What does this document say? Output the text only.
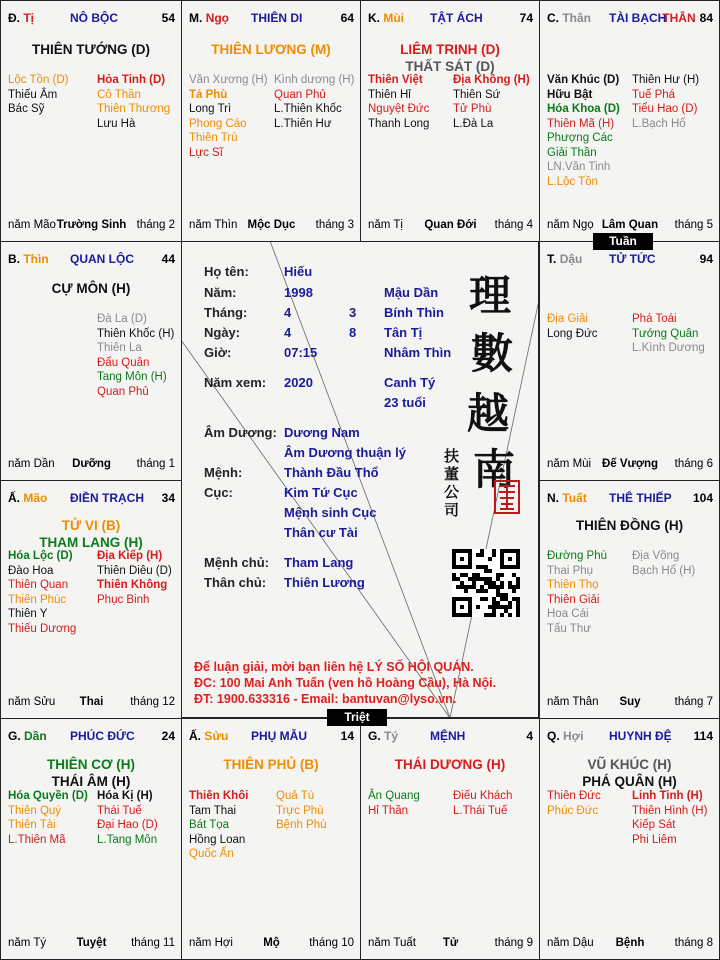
Đ. Tị	NÔ BỘC	54
THIÊN TƯỚNG (D)
Lộc Tồn (D)
Thiếu Âm
Bác Sỹ
Hỏa Tinh (D)
Cô Thần
Thiên Thương
Lưu Hà
năm Mão Trường Sinh tháng 2
M. Ngọ THIÊN DI	64
THIÊN LƯƠNG (M)
Văn Xương (H)
Tả Phù
Long Trì
Phong Cáo
Thiên Trù
Lực Sĩ
Kình dương (H)
Quan Phủ
L.Thiên Khốc
L.Thiên Hư
năm Thìn Mộc Dục	tháng 3
K. Mùi TẬT ÁCH	74
LIÊM TRINH (D)
THẤT SÁT (D)
Thiên Việt
Thiên Hỉ
Nguyệt Đức
Thanh Long
Địa Không (H)
Thiên Sứ
Tử Phù
L.Đà La
năm Tị	Quan Đới	tháng 4
C. Thân TÀI BẠCH
THÂN 84
Văn Khúc (D)
Hữu Bật
Hóa Khoa (D)
Thiên Mã (H)
Phượng Các
Giải Thần
LN.Văn Tinh
L.Lộc Tồn
Thiên Hư (H)
Tuế Phá
Tiểu Hao (D)
L.Bạch Hổ
năm Ngọ Lâm Quan	tháng 5
B. Thìn QUAN LỘC 44
CỰ MÔN (H)
Đà La (D)
Thiên Khốc (H)
Thiên La
Đẩu Quân
Tang Môn (H)
Quan Phủ
năm Dần	Dưỡng	tháng 1
T. Dậu TỬ TỨC	94
Địa Giải
Long Đức
Phá Toái
Tướng Quân
L.Kình Dương
năm Mùi Đế Vượng	tháng 6
Ấ. Mão ĐIỀN TRẠCH 34
TỬ VI (B)
THAM LANG (H)
Hóa Lộc (D)
Đào Hoa
Thiên Quan
Thiên Phúc
Thiên Y
Thiếu Dương
Địa Kiếp (H)
Thiên Diêu (D)
Thiên Không
Phục Binh
năm Sửu	Thai	tháng 12
N. Tuất THÊ THIẾP 104
THIÊN ĐỒNG (H)
Đường Phù
Thai Phụ
Thiên Thọ
Thiên Giải
Hoa Cái
Tấu Thư
Địa Võng
Bạch Hổ (H)
năm Thân	Suy	tháng 7
G. Dần PHÚC ĐỨC 24
THIÊN CƠ (H)
THÁI ÂM (H)
Hóa Quyền (D)
Thiên Quý
Thiên Tài
L.Thiên Mã
Hóa Kị (H)
Thái Tuế
Đại Hao (D)
L.Tang Môn
năm Tý	Tuyệt	tháng 11
Ấ. Sửu PHỤ MẪU	14
THIÊN PHỦ (B)
Thiên Khôi
Tam Thai
Bát Tọa
Hồng Loan
Quốc Ấn
Quả Tú
Trực Phù
Bệnh Phù
năm Hợi	Mộ	tháng 10
G. Tý	MỆNH	4
THÁI DƯƠNG (H)
Ân Quang
Hỉ Thần
Điếu Khách
L.Thái Tuế
năm Tuất	Tử	tháng 9
Q. Hợi HUYNH ĐỆ 114
VŨ KHÚC (H)
PHÁ QUÂN (H)
Thiên Đức
Phúc Đức
Linh Tinh (H)
Thiên Hình (H)
Kiếp Sát
Phi Liêm
năm Dậu	Bệnh	tháng 8
Họ tên:	Hiếu
Năm:	1998	Mậu Dần
Tháng:	4	3 Bính Thìn
Ngày:	4	8 Tân Tị
Giờ:	07:15	Nhâm Thìn
Năm xem: 2020	Canh Tý
23 tuổi
Âm Dương: Dương Nam
Âm Dương thuận lý
Mệnh:	Thành Đầu Thổ
Cục:	Kim Tứ Cục
Mệnh sinh Cục
Thân cư Tài
Mệnh chủ: Tham Lang
Thân chủ: Thiên Lương
理
數
越
南
扶
董
公
司
Để luận giải, mời bạn liên hệ LÝ SỐ HỘI QUÁN.
ĐC: 100 Mai Anh Tuấn (ven hồ Hoàng Cầu), Hà Nội.
ĐT: 1900.633316 - Email: bantuvan@lyso.vn.
Tuần
Triệt
